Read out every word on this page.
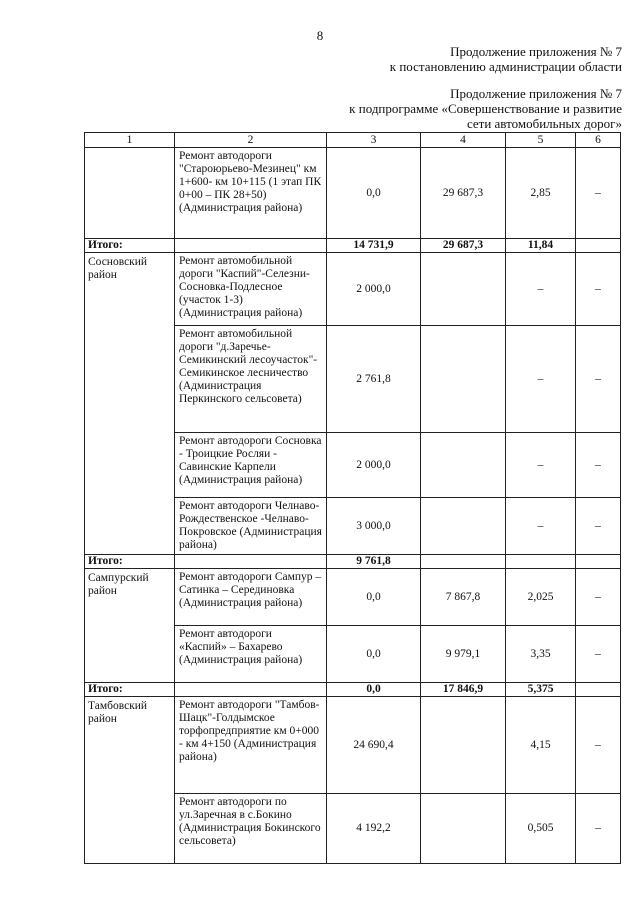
8
Продолжение приложения № 7
к постановлению администрации области
Продолжение приложения № 7
к подпрограмме «Совершенствование и развитие
сети автомобильных дорог»
1	2	3	4	5	6
	Ремонт автодороги "Староюрьево-Мезинец" км 1+600- км 10+115 (1 этап ПК 0+00 – ПК 28+50) (Администрация района)	0,0	29 687,3	2,85	–
Итого:		14 731,9	29 687,3	11,84	
Сосновский район	Ремонт автомобильной дороги "Каспий"-Селезни-Сосновка-Подлесное (участок 1-3) (Администрация района)	2 000,0		–	–
	Ремонт автомобильной дороги "д.Заречье-Семикинский лесоучасток"-Семикинское лесничество (Администрация Перкинского сельсовета)	2 761,8		–	–
	Ремонт автодороги Сосновка - Троицкие Росляи - Савинские Карпели (Администрация района)	2 000,0		–	–
	Ремонт автодороги Челнаво- Рождественское -Челнаво-Покровское (Администрация района)	3 000,0		–	–
Итого:		9 761,8			
Сампурский район	Ремонт автодороги Сампур – Сатинка – Серединовка (Администрация района)	0,0	7 867,8	2,025	–
	Ремонт автодороги «Каспий» – Бахарево (Администрация района)	0,0	9 979,1	3,35	–
Итого:		0,0	17 846,9	5,375	
Тамбовский район	Ремонт автодороги "Тамбов-Шацк"-Голдымское торфопредприятие км 0+000 - км 4+150 (Администрация района)	24 690,4		4,15	–
	Ремонт автодороги по ул.Заречная в с.Бокино (Администрация Бокинского сельсовета)	4 192,2		0,505	–
